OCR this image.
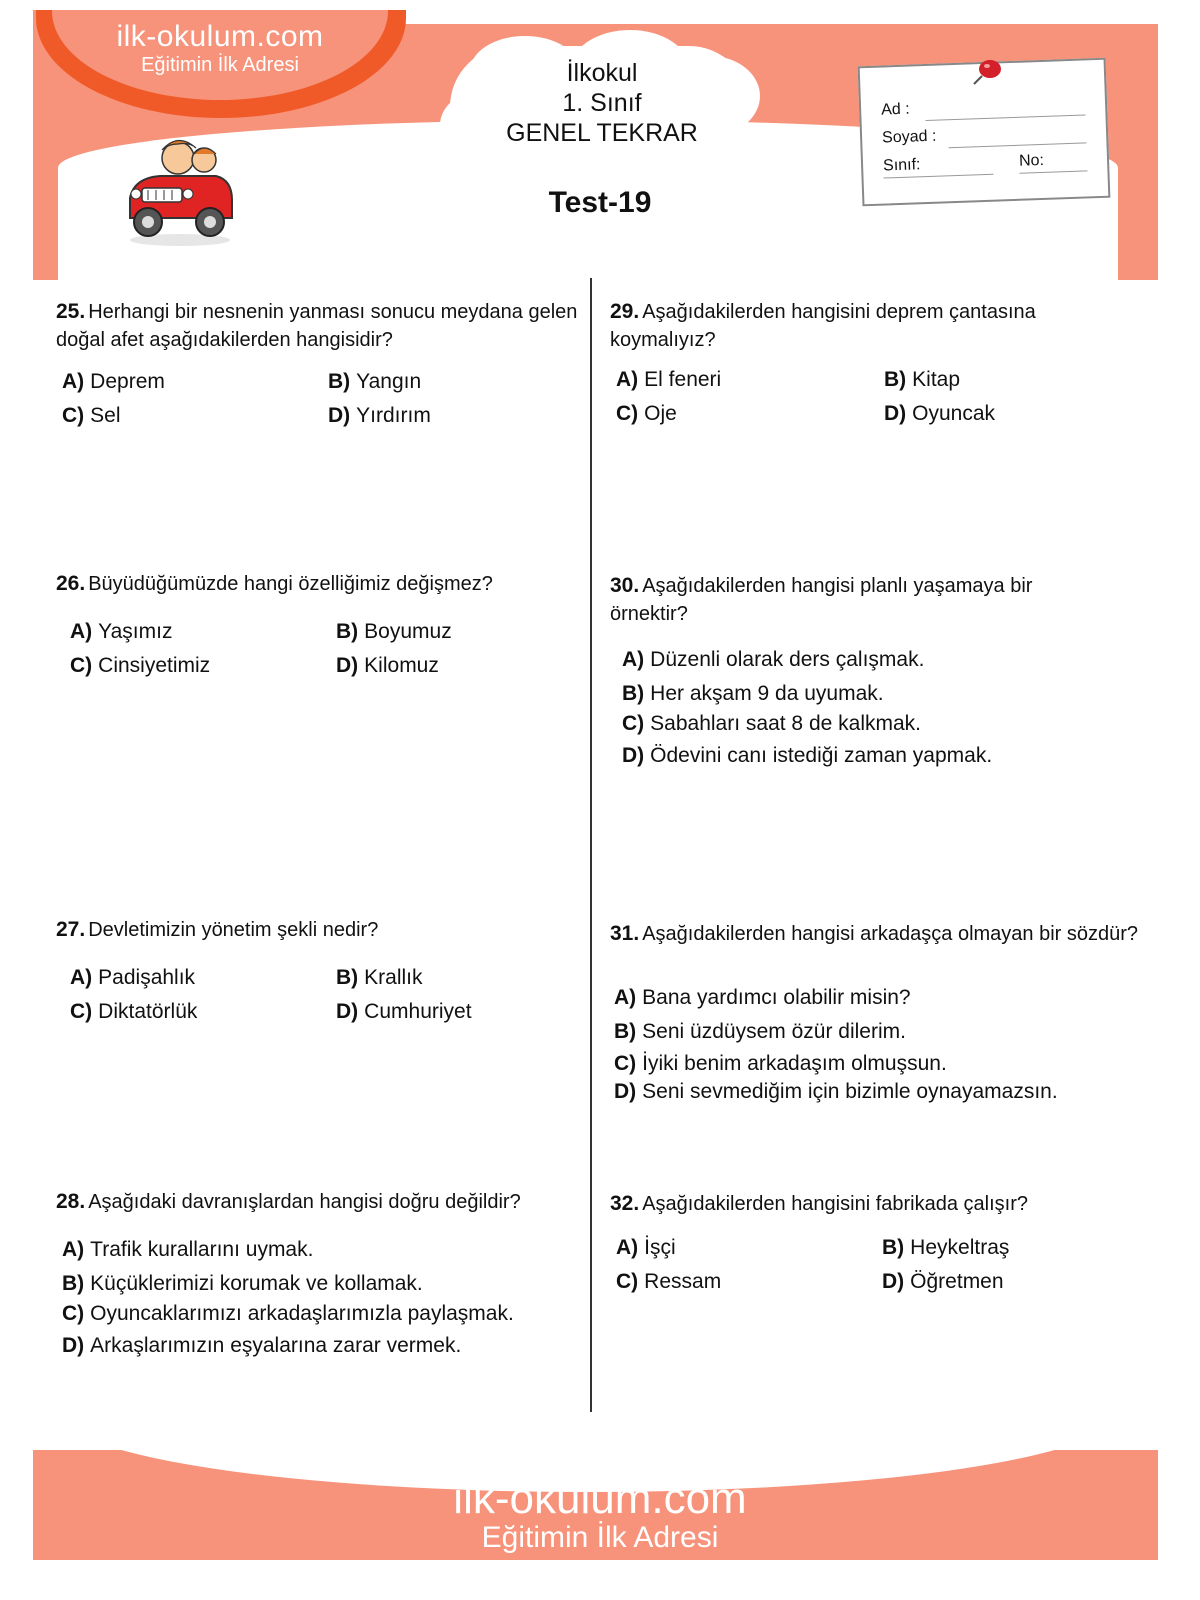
ilk-okulum.com
Eğitimin İlk Adresi	İlkokul
1. Sınıf
GENEL TEKRAR
Test-19
Ad :
Soyad :
Sınıf:	No:
25. Herhangi bir nesnenin yanması sonucu meydana gelen doğal afet aşağıdakilerden hangisidir?
A) Deprem	B) Yangın
C) Sel	D) Yırdırım
26. Büyüdüğümüzde hangi özelliğimiz değişmez?
A) Yaşımız	B) Boyumuz
C) Cinsiyetimiz	D) Kilomuz
27. Devletimizin yönetim şekli nedir?
A) Padişahlık	B) Krallık
C) Diktatörlük	D) Cumhuriyet
28. Aşağıdaki davranışlardan hangisi doğru değildir?
A) Trafik kurallarını uymak.
B) Küçüklerimizi korumak ve kollamak.
C) Oyuncaklarımızı arkadaşlarımızla paylaşmak.
D) Arkaşlarımızın eşyalarına zarar vermek.
29. Aşağıdakilerden hangisini deprem çantasına koymalıyız?
A) El feneri	B) Kitap
C) Oje	D) Oyuncak
30. Aşağıdakilerden hangisi planlı yaşamaya bir örnektir?
A) Düzenli olarak ders çalışmak.
B) Her akşam 9 da uyumak.
C) Sabahları saat 8 de kalkmak.
D) Ödevini canı istediği zaman yapmak.
31. Aşağıdakilerden hangisi arkadaşça olmayan bir sözdür?
A) Bana yardımcı olabilir misin?
B) Seni üzdüysem özür dilerim.
C) İyiki benim arkadaşım olmuşsun.
D) Seni sevmediğim için bizimle oynayamazsın.
32. Aşağıdakilerden hangisini fabrikada çalışır?
A) İşçi	B) Heykeltraş
C) Ressam	D) Öğretmen
ilk-okulum.com
Eğitimin İlk Adresi
